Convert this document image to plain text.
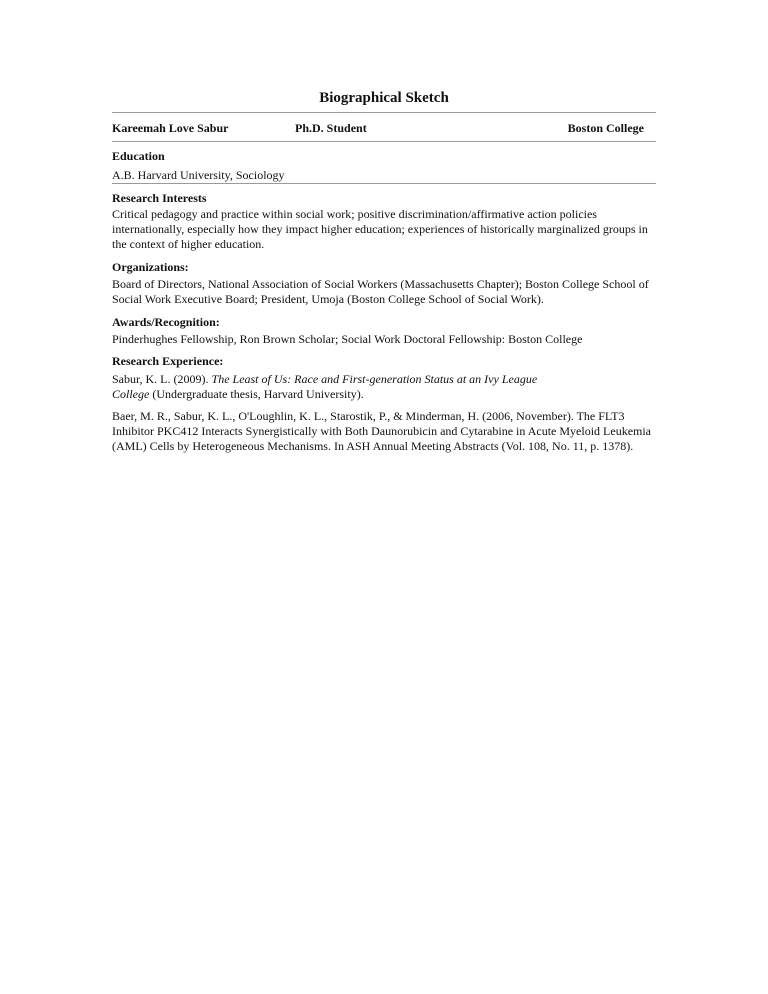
Biographical Sketch
Kareemah Love Sabur	Ph.D. Student	Boston College
Education
A.B. Harvard University, Sociology
Research Interests
Critical pedagogy and practice within social work; positive discrimination/affirmative action policies internationally, especially how they impact higher education; experiences of historically marginalized groups in the context of higher education.
Organizations:
Board of Directors, National Association of Social Workers (Massachusetts Chapter); Boston College School of Social Work Executive Board; President, Umoja (Boston College School of Social Work).
Awards/Recognition:
Pinderhughes Fellowship, Ron Brown Scholar; Social Work Doctoral Fellowship: Boston College
Research Experience:

Sabur, K. L. (2009). The Least of Us: Race and First-generation Status at an Ivy League
College (Undergraduate thesis, Harvard University).

Baer, M. R., Sabur, K. L., O'Loughlin, K. L., Starostik, P., & Minderman, H. (2006, November). The FLT3 Inhibitor PKC412 Interacts Synergistically with Both Daunorubicin and Cytarabine in Acute Myeloid Leukemia (AML) Cells by Heterogeneous Mechanisms. In ASH Annual Meeting Abstracts (Vol. 108, No. 11, p. 1378).
